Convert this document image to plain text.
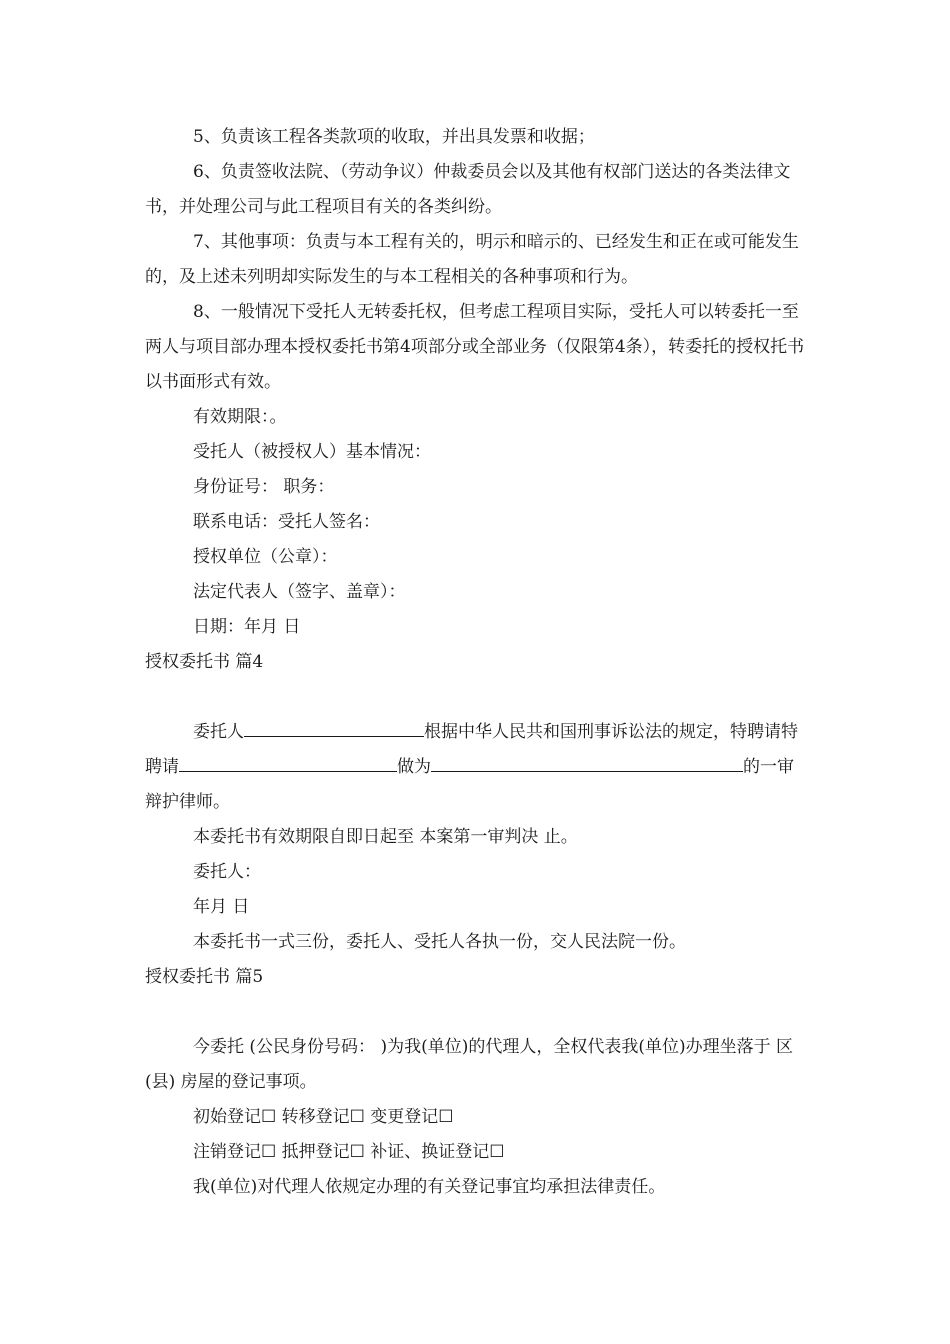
5、负责该工程各类款项的收取，并出具发票和收据；

6、负责签收法院、（劳动争议）仲裁委员会以及其他有权部门送达的各类法律文书，并处理公司与此工程项目有关的各类纠纷。

7、其他事项：负责与本工程有关的，明示和暗示的、已经发生和正在或可能发生的，及上述未列明却实际发生的与本工程相关的各种事项和行为。

8、一般情况下受托人无转委托权，但考虑工程项目实际，受托人可以转委托一至两人与项目部办理本授权委托书第4项部分或全部业务（仅限第4条），转委托的授权托书以书面形式有效。

有效期限：。

受托人（被授权人）基本情况：

身份证号： 职务：

联系电话：受托人签名：

授权单位（公章）：

法定代表人（签字、盖章）：

日期：年月 日

授权委托书 篇4

委托人	根据中华人民共和国刑事诉讼法的规定，特聘请特聘请	做为	的一审辩护律师。

本委托书有效期限自即日起至 本案第一审判决 止。

委托人：

年月 日

本委托书一式三份，委托人、受托人各执一份，交人民法院一份。

授权委托书 篇5

今委托 (公民身份号码： )为我(单位)的代理人，全权代表我(单位)办理坐落于 区(县) 房屋的登记事项。

初始登记☐ 转移登记☐ 变更登记☐

注销登记☐ 抵押登记☐ 补证、换证登记☐

我(单位)对代理人依规定办理的有关登记事宜均承担法律责任。
